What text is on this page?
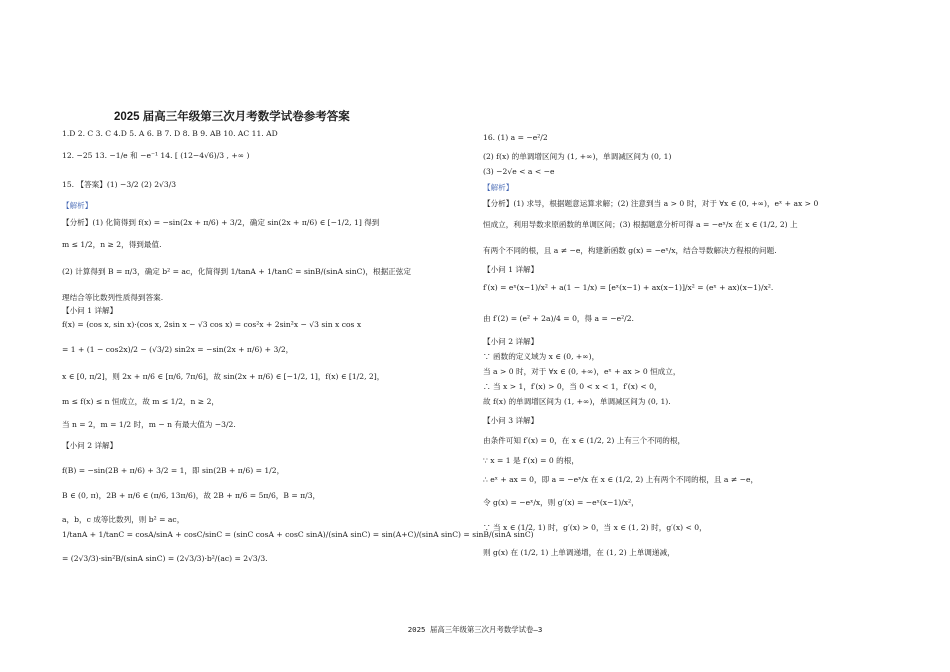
2025 届高三年级第三次月考数学试卷参考答案
1.D 2. C 3. C 4.D 5. A 6. B 7. D 8. B 9. AB 10. AC 11. AD
12. −25 13. −1/e 和 −e⁻¹ 14. [ (12−4√6)/3 , +∞ )
15. 【答案】(1) −3/2 (2) 2√3/3
【解析】
【分析】(1) 化简得到 f(x) = −sin(2x + π/6) + 3/2，确定 sin(2x + π/6) ∈ [−1/2, 1] 得到
m ≤ 1/2，n ≥ 2，得到最值.
(2) 计算得到 B = π/3，确定 b² = ac，化简得到 1/tanA + 1/tanC = sinB/(sinA sinC)，根据正弦定
理结合等比数列性质得到答案.
【小问 1 详解】
f(x) = (cos x, sin x)·(cos x, 2sin x − √3 cos x) = cos²x + 2sin²x − √3 sin x cos x
= 1 + (1 − cos2x)/2 − (√3/2) sin2x = −sin(2x + π/6) + 3/2，
x ∈ [0, π/2]，则 2x + π/6 ∈ [π/6, 7π/6]，故 sin(2x + π/6) ∈ [−1/2, 1]，f(x) ∈ [1/2, 2]，
m ≤ f(x) ≤ n 恒成立，故 m ≤ 1/2，n ≥ 2，
当 n = 2，m = 1/2 时，m − n 有最大值为 −3/2.
【小问 2 详解】
f(B) = −sin(2B + π/6) + 3/2 = 1，即 sin(2B + π/6) = 1/2，
B ∈ (0, π)，2B + π/6 ∈ (π/6, 13π/6)，故 2B + π/6 = 5π/6，B = π/3，
a，b，c 成等比数列，则 b² = ac，
1/tanA + 1/tanC = cosA/sinA + cosC/sinC = (sinC cosA + cosC sinA)/(sinA sinC) = sin(A+C)/(sinA sinC) = sinB/(sinA sinC)
= (2√3/3)·sin²B/(sinA sinC) = (2√3/3)·b²/(ac) = 2√3/3.
16. (1) a = −e²/2
(2) f(x) 的单调增区间为 (1, +∞)，单调减区间为 (0, 1)
(3) −2√e < a < −e
【解析】
【分析】(1) 求导，根据题意运算求解；(2) 注意到当 a > 0 时，对于 ∀x ∈ (0, +∞)，eˣ + ax > 0
恒成立，利用导数求原函数的单调区间；(3) 根据题意分析可得 a = −eˣ/x 在 x ∈ (1/2, 2) 上
有两个不同的根，且 a ≠ −e，构建新函数 g(x) = −eˣ/x，结合导数解决方程根的问题.
【小问 1 详解】
f′(x) = eˣ(x−1)/x² + a(1 − 1/x) = [eˣ(x−1) + ax(x−1)]/x² = (eˣ + ax)(x−1)/x².
由 f′(2) = (e² + 2a)/4 = 0，得 a = −e²/2.
【小问 2 详解】
∵ 函数的定义域为 x ∈ (0, +∞)，
当 a > 0 时，对于 ∀x ∈ (0, +∞)，eˣ + ax > 0 恒成立，
∴ 当 x > 1，f′(x) > 0，当 0 < x < 1，f′(x) < 0，
故 f(x) 的单调增区间为 (1, +∞)，单调减区间为 (0, 1).
【小问 3 详解】
由条件可知 f′(x) = 0，在 x ∈ (1/2, 2) 上有三个不同的根，
∵ x = 1 是 f′(x) = 0 的根，
∴ eˣ + ax = 0，即 a = −eˣ/x 在 x ∈ (1/2, 2) 上有两个不同的根，且 a ≠ −e，
令 g(x) = −eˣ/x，则 g′(x) = −eˣ(x−1)/x²，
∵ 当 x ∈ (1/2, 1) 时，g′(x) > 0，当 x ∈ (1, 2) 时，g′(x) < 0，
则 g(x) 在 (1/2, 1) 上单调递增，在 (1, 2) 上单调递减，
2025 届高三年级第三次月考数学试卷—3
